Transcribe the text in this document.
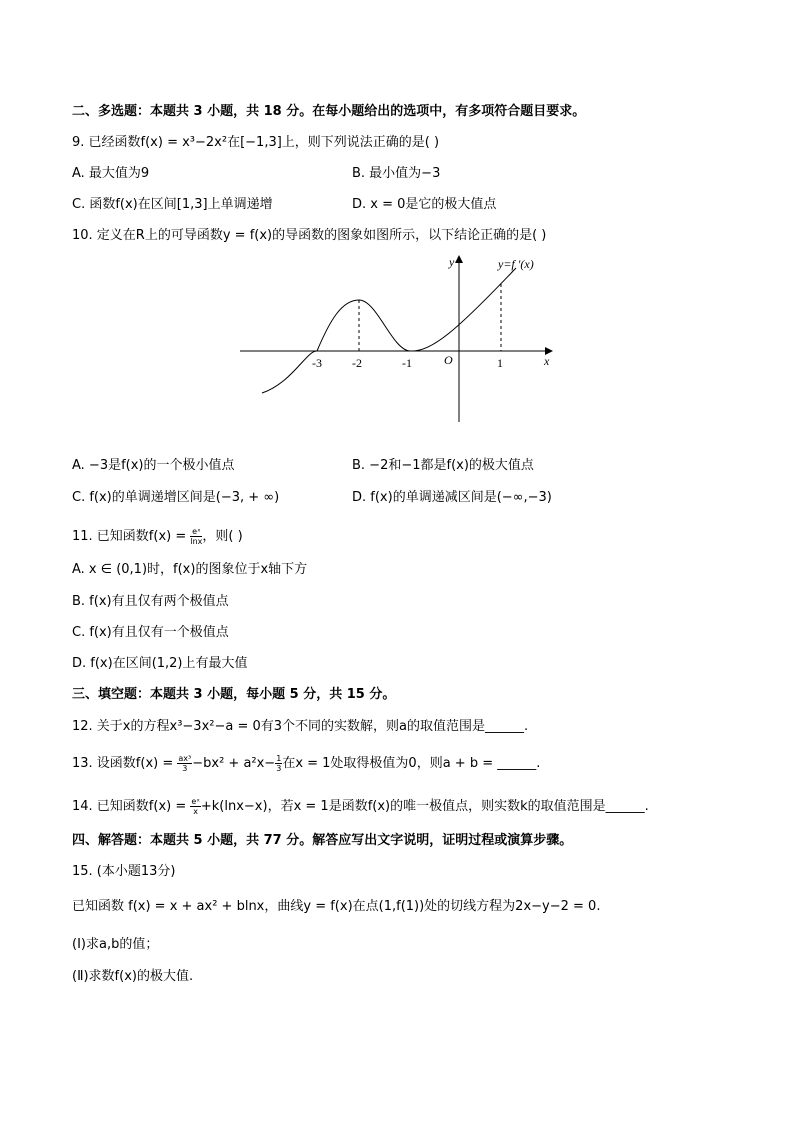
二、多选题：本题共 3 小题，共 18 分。在每小题给出的选项中，有多项符合题目要求。
9. 已经函数f(x) = x³−2x²在[−1,3]上，则下列说法正确的是( )
A. 最大值为9	B. 最小值为−3
C. 函数f(x)在区间[1,3]上单调递增	D. x = 0是它的极大值点
10. 定义在R上的可导函数y = f(x)的导函数的图象如图所示，以下结论正确的是( )
-3	-2	-1	1
O	x
y	y=f ′(x)
A. −3是f(x)的一个极小值点	B. −2和−1都是f(x)的极大值点
C. f(x)的单调递增区间是(−3, + ∞)	D. f(x)的单调递减区间是(−∞,−3)
11. 已知函数$f(x) = \frac{\text{eˣ}}{\ln x}$ ，则( )
A. x ∈ (0,1)时，f(x)的图象位于x轴下方
B. f(x)有且仅有两个极值点
C. f(x)有且仅有一个极值点
D. f(x)在区间(1,2)上有最大值
三、填空题：本题共 3 小题，每小题 5 分，共 15 分。
12. 关于x的方程x³−3x²−a = 0有3个不同的实数解，则a的取值范围是______.
13. 设函数$f(x) = \frac{\text{ax³}}{3} -bx^2 + a^2x- \frac{1}{3}$ 在x = 1处取得极值为0，则a + b = ______.
14. 已知函数$f(x) = \frac{\text{eˣ}}{x} +k(\ln x-x)$，若x = 1是函数f(x)的唯一极值点，则实数k的取值范围是______.
四、解答题：本题共 5 小题，共 77 分。解答应写出文字说明，证明过程或演算步骤。
15. (本小题13分)
已知函数 f(x) = x + ax² + blnx，曲线y = f(x)在点(1,f(1))处的切线方程为2x−y−2 = 0.
(Ⅰ)求a,b的值；
(Ⅱ)求数f(x)的极大值.
